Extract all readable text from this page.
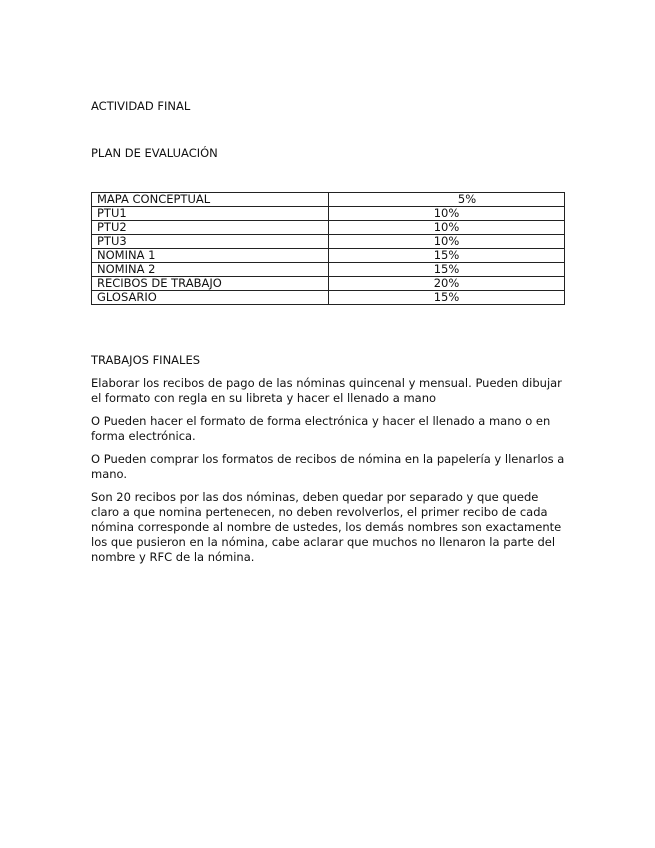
ACTIVIDAD FINAL

PLAN DE EVALUACIÓN

MAPA CONCEPTUAL	5%
PTU1	10%
PTU2	10%
PTU3	10%
NOMINA 1	15%
NOMINA 2	15%
RECIBOS DE TRABAJO	20%
GLOSARIO	15%

TRABAJOS FINALES

Elaborar los recibos de pago de las nóminas quincenal y mensual. Pueden dibujar el formato con regla en su libreta y hacer el llenado a mano

O Pueden hacer el formato de forma electrónica y hacer el llenado a mano o en forma electrónica.

O Pueden comprar los formatos de recibos de nómina en la papelería y llenarlos a mano.

Son 20 recibos por las dos nóminas, deben quedar por separado y que quede claro a que nomina pertenecen, no deben revolverlos, el primer recibo de cada nómina corresponde al nombre de ustedes, los demás nombres son exactamente los que pusieron en la nómina, cabe aclarar que muchos no llenaron la parte del nombre y RFC de la nómina.
